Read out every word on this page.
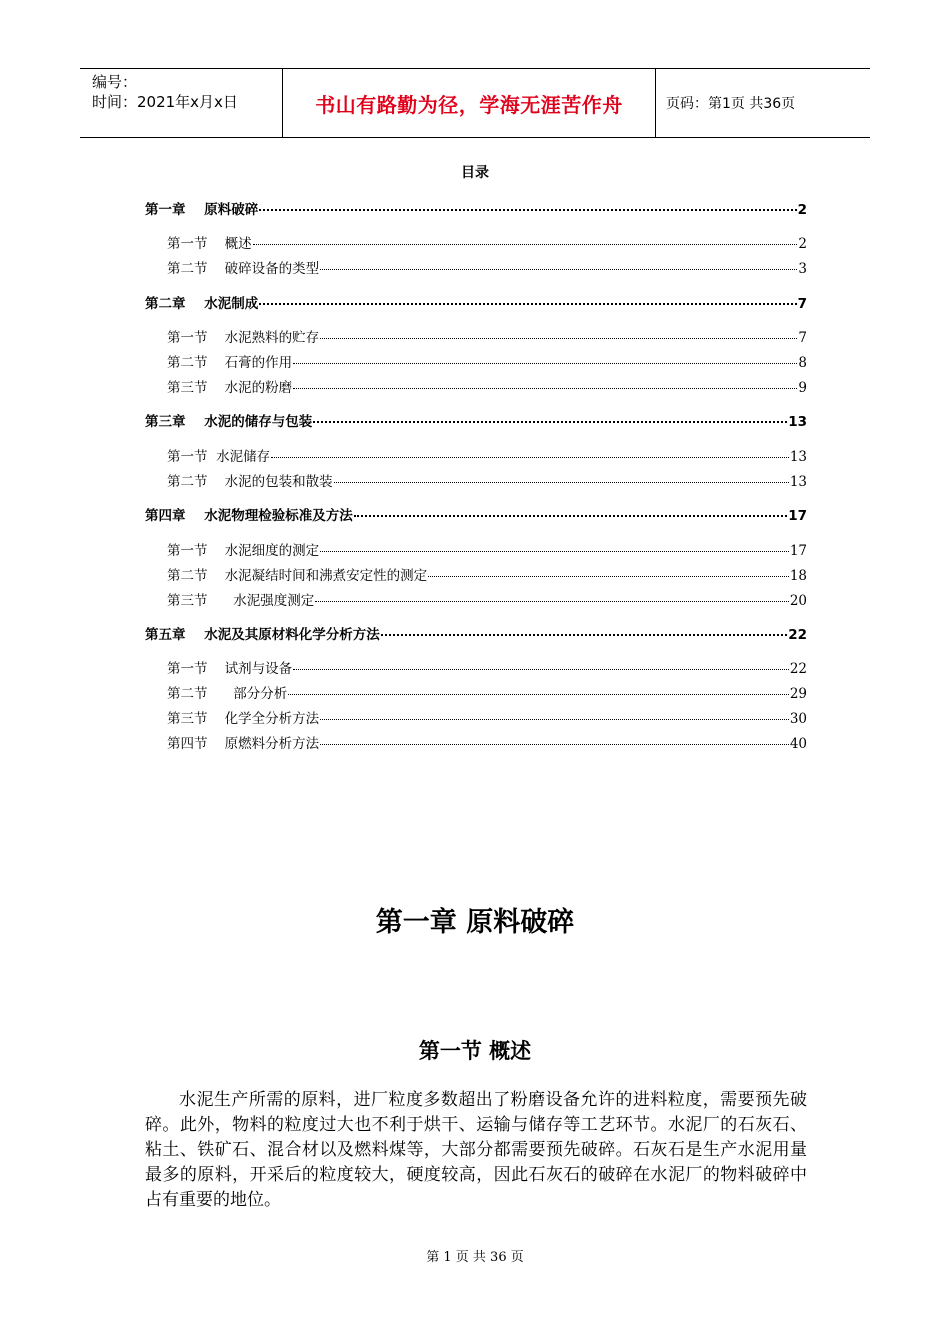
编号：
时间：2021年x月x日	书山有路勤为径，学海无涯苦作舟	页码：第1页 共36页
目录
第一章    原料破碎	2
第一节    概述	2
第二节    破碎设备的类型	3
第二章    水泥制成	7
第一节    水泥熟料的贮存	7
第二节    石膏的作用	8
第三节    水泥的粉磨	9
第三章    水泥的储存与包装	13
第一节  水泥储存	13
第二节    水泥的包装和散装	13
第四章    水泥物理检验标准及方法	17
第一节    水泥细度的测定	17
第二节    水泥凝结时间和沸煮安定性的测定	18
第三节      水泥强度测定	20
第五章    水泥及其原材料化学分析方法	22
第一节    试剂与设备	22
第二节      部分分析	29
第三节    化学全分析方法	30
第四节    原燃料分析方法	40
第一章 原料破碎
第一节 概述
水泥生产所需的原料，进厂粒度多数超出了粉磨设备允许的进料粒度，需要预先破碎。此外，物料的粒度过大也不利于烘干、运输与储存等工艺环节。水泥厂的石灰石、粘土、铁矿石、混合材以及燃料煤等，大部分都需要预先破碎。石灰石是生产水泥用量最多的原料，开采后的粒度较大，硬度较高，因此石灰石的破碎在水泥厂的物料破碎中占有重要的地位。
第 1 页 共 36 页
